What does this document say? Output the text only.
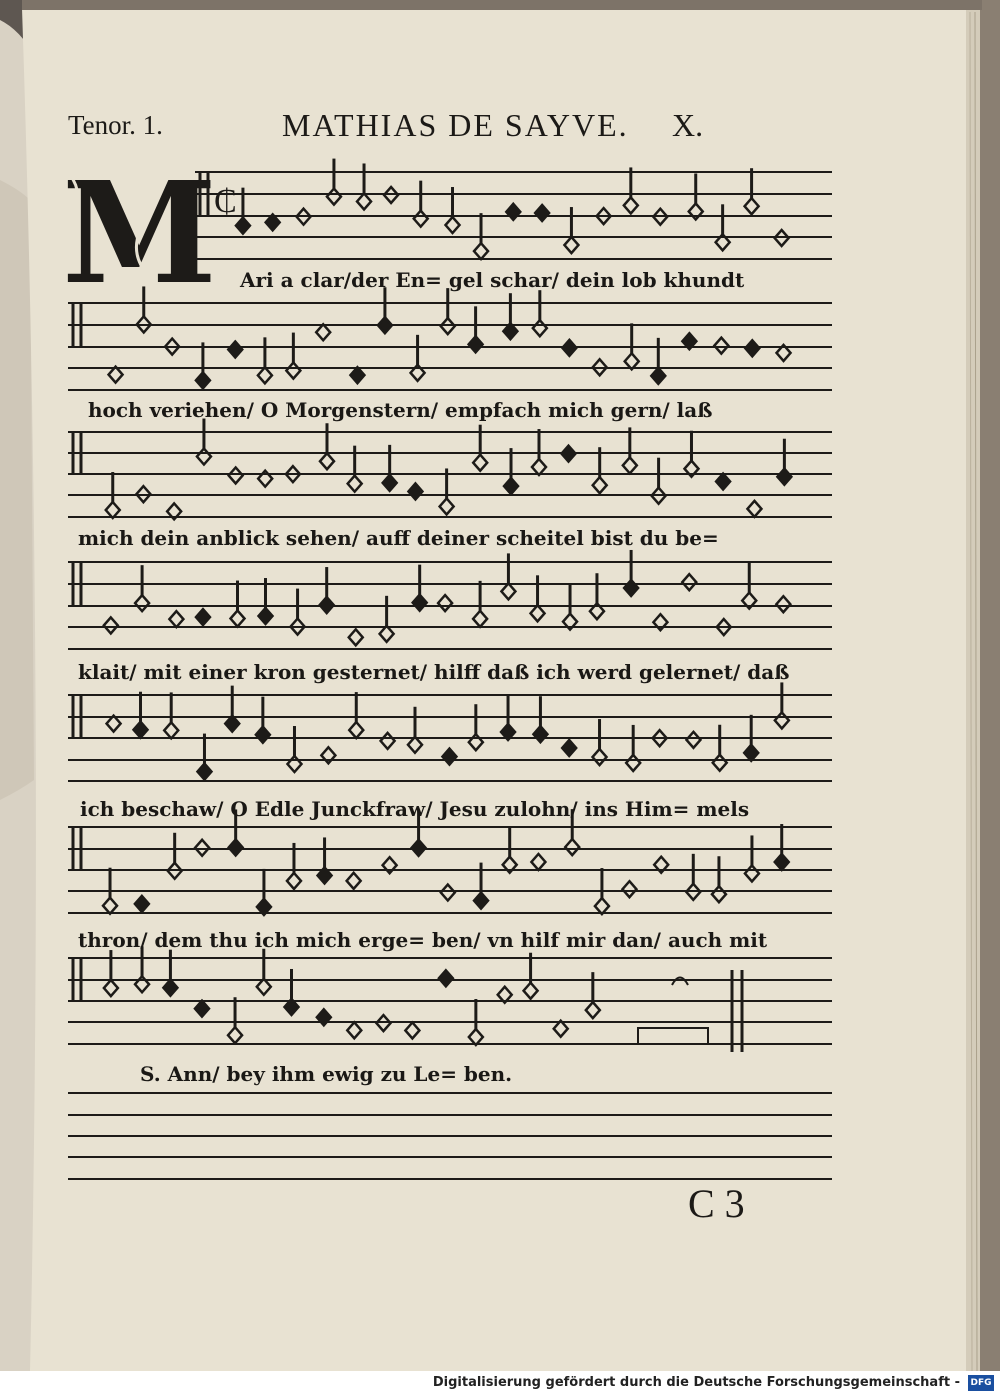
₵
M
Tenor. 1.	MATHIAS DE SAYVE. X.
Ari a clar/der En= gel schar/ dein lob khundt
hoch veriehen/ O Morgenstern/ empfach mich gern/ laß
mich dein anblick sehen/ auff deiner scheitel bist du be=
klait/ mit einer kron gesternet/ hilff daß ich werd gelernet/ daß
ich beschaw/ O Edle Junckfraw/ Jesu zulohn/ ins Him= mels
thron/ dem thu ich mich erge= ben/ vn hilf mir dan/ auch mit
S. Ann/ bey ihm ewig zu Le= ben.
C 3
Digitalisierung gefördert durch die Deutsche Forschungsgemeinschaft - DFG
